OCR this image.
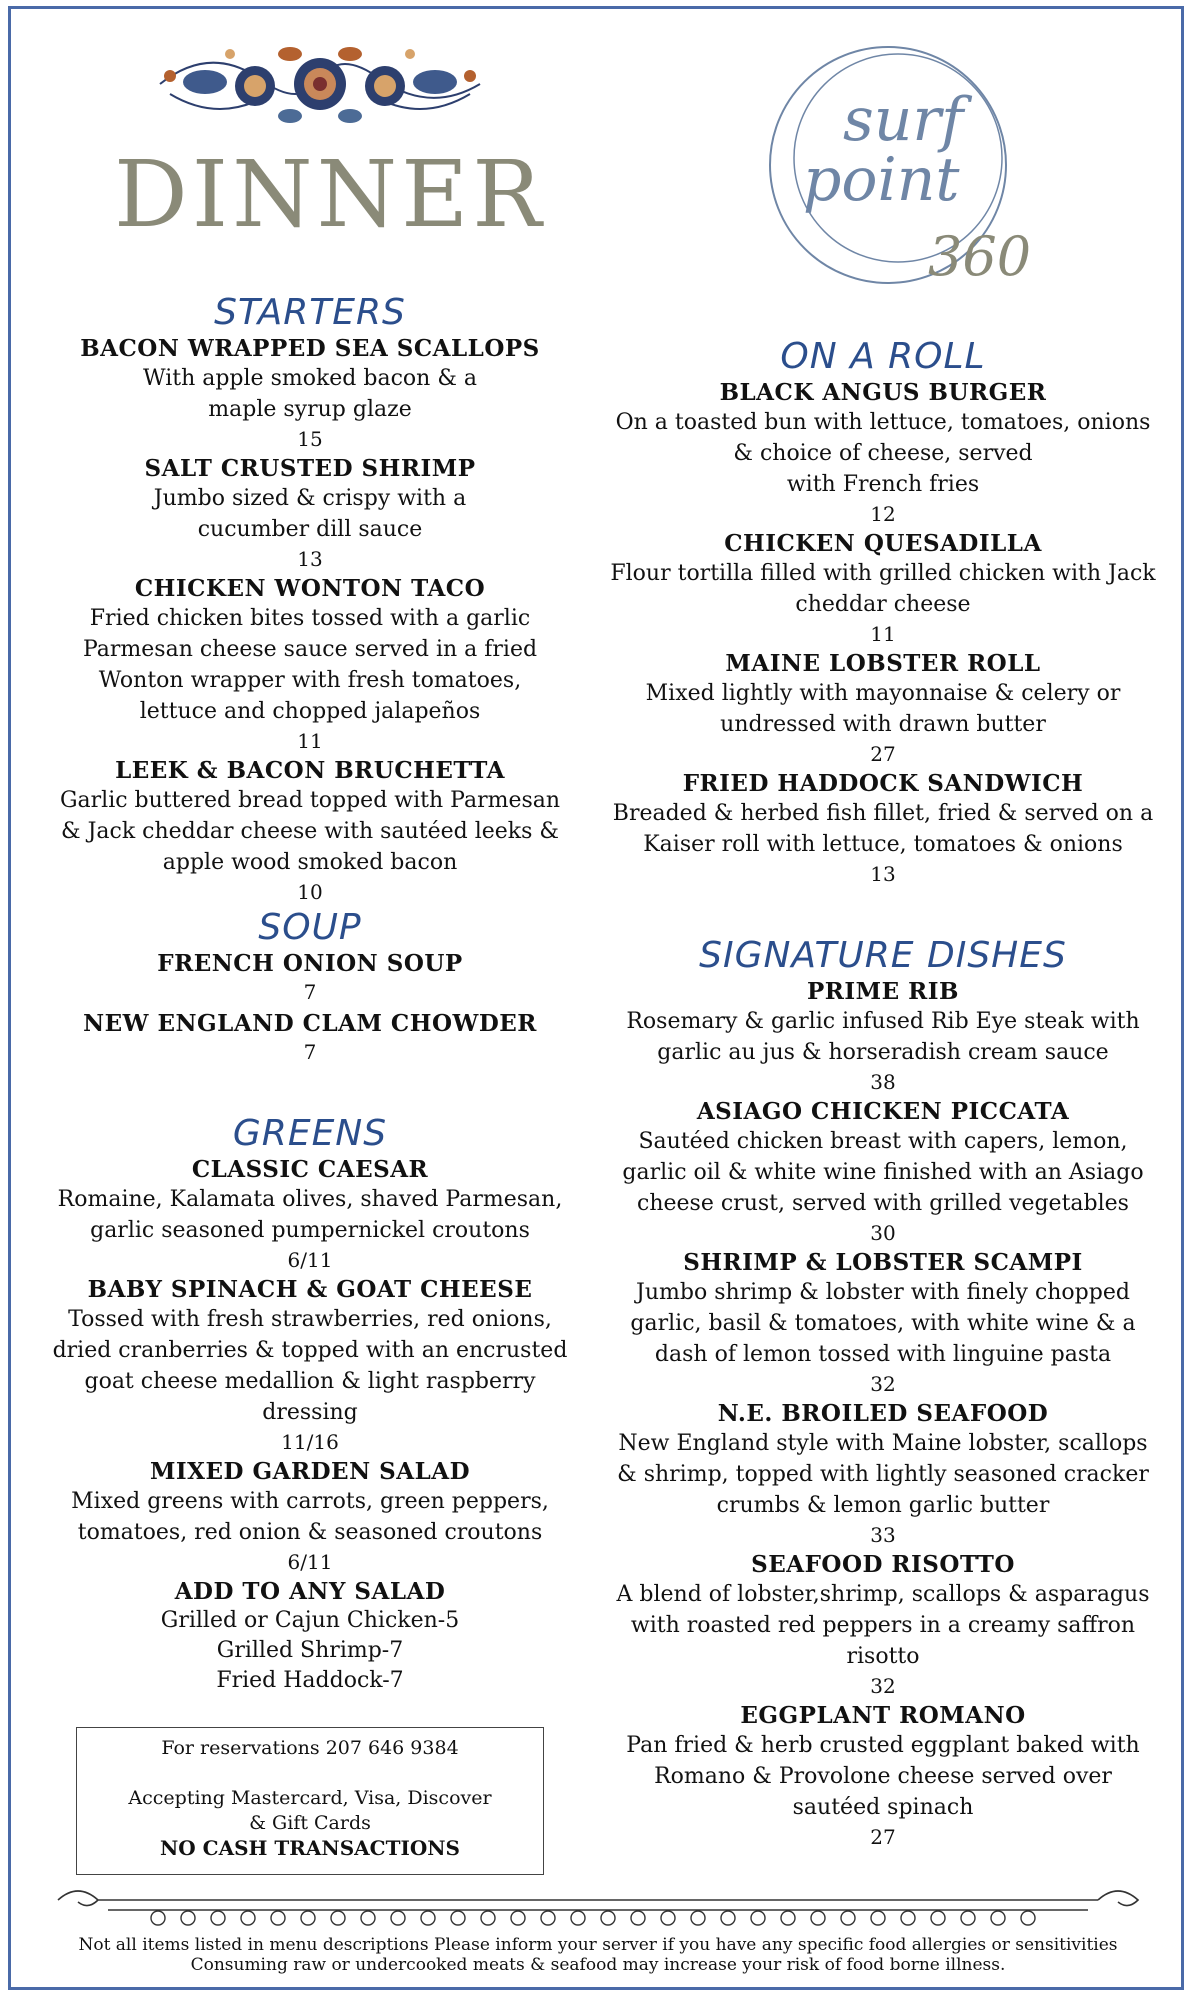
DINNER
surf
point
360
STARTERS
BACON WRAPPED SEA SCALLOPS
With apple smoked bacon & a
maple syrup glaze
15
SALT CRUSTED SHRIMP
Jumbo sized & crispy with a
cucumber dill sauce
13
CHICKEN WONTON TACO
Fried chicken bites tossed with a garlic
Parmesan cheese sauce served in a fried
Wonton wrapper with fresh tomatoes,
lettuce and chopped jalapeños
11
LEEK & BACON BRUCHETTA
Garlic buttered bread topped with Parmesan
& Jack cheddar cheese with sautéed leeks &
apple wood smoked bacon
10
SOUP
FRENCH ONION SOUP
7
NEW ENGLAND CLAM CHOWDER
7
GREENS
CLASSIC CAESAR
Romaine, Kalamata olives, shaved Parmesan,
garlic seasoned pumpernickel croutons
6/11
BABY SPINACH & GOAT CHEESE
Tossed with fresh strawberries, red onions,
dried cranberries & topped with an encrusted
goat cheese medallion & light raspberry
dressing
11/16
MIXED GARDEN SALAD
Mixed greens with carrots, green peppers,
tomatoes, red onion & seasoned croutons
6/11
ADD TO ANY SALAD
Grilled or Cajun Chicken-5
Grilled Shrimp-7
Fried Haddock-7
For reservations 207 646 9384
Accepting Mastercard, Visa, Discover
& Gift Cards
NO CASH TRANSACTIONS
ON A ROLL
BLACK ANGUS BURGER
On a toasted bun with lettuce, tomatoes, onions
& choice of cheese, served
with French fries
12
CHICKEN QUESADILLA
Flour tortilla filled with grilled chicken with Jack
cheddar cheese
11
MAINE LOBSTER ROLL
Mixed lightly with mayonnaise & celery or
undressed with drawn butter
27
FRIED HADDOCK SANDWICH
Breaded & herbed fish fillet, fried & served on a
Kaiser roll with lettuce, tomatoes & onions
13
SIGNATURE DISHES
PRIME RIB
Rosemary & garlic infused Rib Eye steak with
garlic au jus & horseradish cream sauce
38
ASIAGO CHICKEN PICCATA
Sautéed chicken breast with capers, lemon,
garlic oil & white wine finished with an Asiago
cheese crust, served with grilled vegetables
30
SHRIMP & LOBSTER SCAMPI
Jumbo shrimp & lobster with finely chopped
garlic, basil & tomatoes, with white wine & a
dash of lemon tossed with linguine pasta
32
N.E. BROILED SEAFOOD
New England style with Maine lobster, scallops
& shrimp, topped with lightly seasoned cracker
crumbs & lemon garlic butter
33
SEAFOOD RISOTTO
A blend of lobster,shrimp, scallops & asparagus
with roasted red peppers in a creamy saffron
risotto
32
EGGPLANT ROMANO
Pan fried & herb crusted eggplant baked with
Romano & Provolone cheese served over
sautéed spinach
27
Not all items listed in menu descriptions Please inform your server if you have any specific food allergies or sensitivities
Consuming raw or undercooked meats & seafood may increase your risk of food borne illness.
